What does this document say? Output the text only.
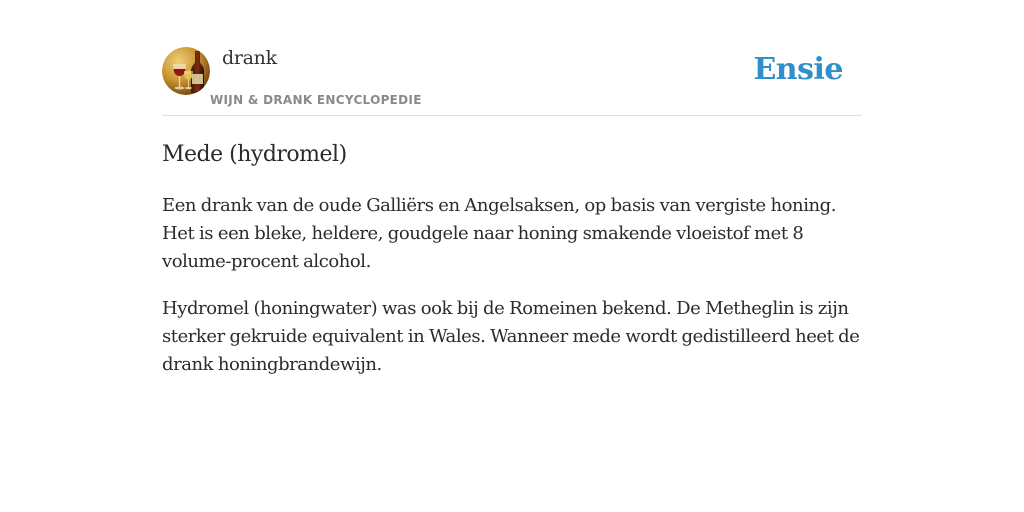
drank
WIJN & DRANK ENCYCLOPEDIE
Ensie
Mede (hydromel)

Een drank van de oude Galliërs en Angelsaksen, op basis van vergiste honing. Het is een bleke, heldere, goudgele naar honing smakende vloeistof met 8 volume-procent alcohol.

Hydromel (honingwater) was ook bij de Romeinen bekend. De Metheglin is zijn sterker gekruide equivalent in Wales. Wanneer mede wordt gedistilleerd heet de drank honingbrandewijn.
